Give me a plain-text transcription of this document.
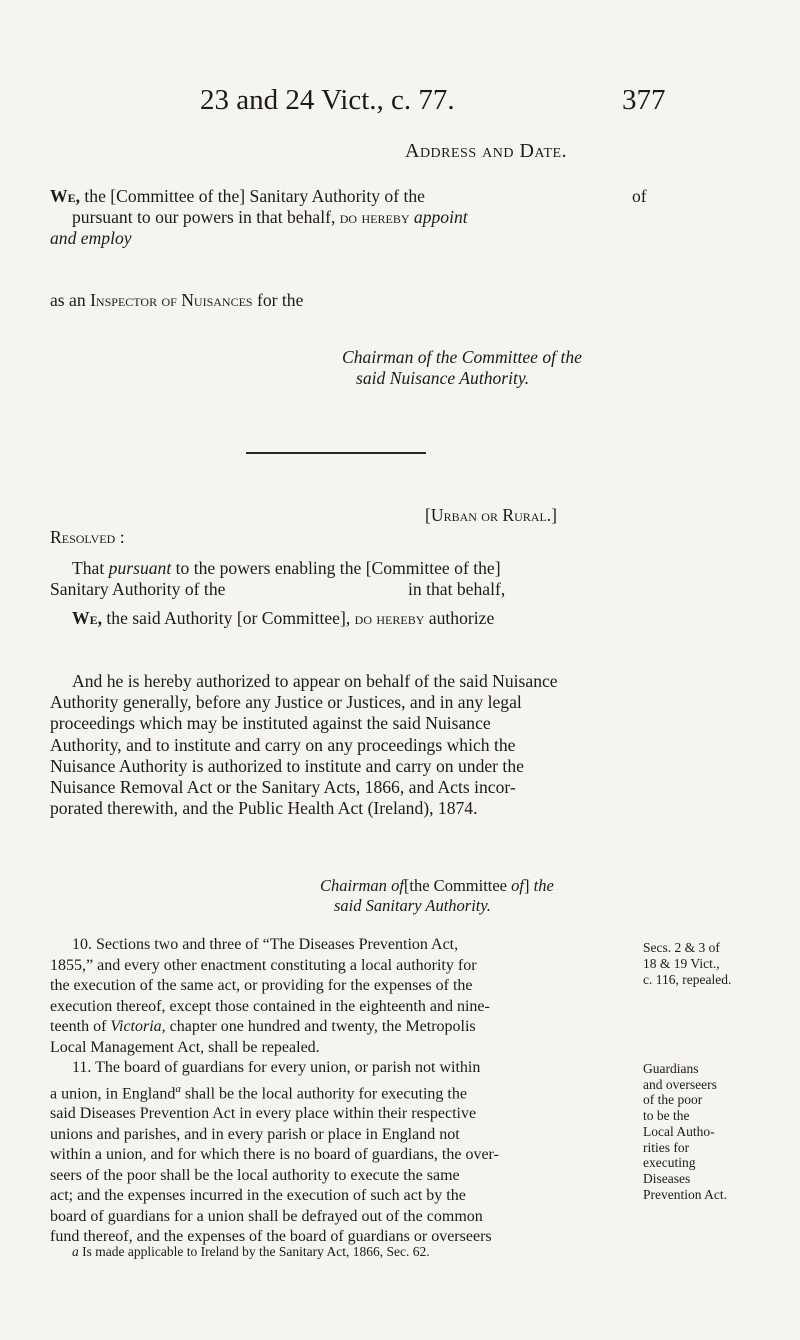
23 and 24 Vict., c. 77.	377
Address and Date.
We, the [Committee of the] Sanitary Authority of the	of
pursuant to our powers in that behalf, do hereby appoint
and employ
as an Inspector of Nuisances for the
Chairman of the Committee of the
said Nuisance Authority.
[Urban or Rural.]
Resolved :
That pursuant to the powers enabling the [Committee of the]
Sanitary Authority of the	in that behalf,
We, the said Authority [or Committee], do hereby authorize
And he is hereby authorized to appear on behalf of the said Nuisance
Authority generally, before any Justice or Justices, and in any legal
proceedings which may be instituted against the said Nuisance
Authority, and to institute and carry on any proceedings which the
Nuisance Authority is authorized to institute and carry on under the
Nuisance Removal Act or the Sanitary Acts, 1866, and Acts incor-
porated therewith, and the Public Health Act (Ireland), 1874.
Chairman of[the Committee of] the
said Sanitary Authority.
10. Sections two and three of “The Diseases Prevention Act,
1855,” and every other enactment constituting a local authority for
the execution of the same act, or providing for the expenses of the
execution thereof, except those contained in the eighteenth and nine-
teenth of Victoria, chapter one hundred and twenty, the Metropolis
Local Management Act, shall be repealed.
11. The board of guardians for every union, or parish not within
a union, in England$^a$ shall be the local authority for executing the
said Diseases Prevention Act in every place within their respective
unions and parishes, and in every parish or place in England not
within a union, and for which there is no board of guardians, the over-
seers of the poor shall be the local authority to execute the same
act; and the expenses incurred in the execution of such act by the
board of guardians for a union shall be defrayed out of the common
fund thereof, and the expenses of the board of guardians or overseers
Secs. 2 & 3 of
18 & 19 Vict.,
c. 116, repealed.
Guardians
and overseers
of the poor
to be the
Local Autho-
rities for
executing
Diseases
Prevention Act.
a Is made applicable to Ireland by the Sanitary Act, 1866, Sec. 62.
